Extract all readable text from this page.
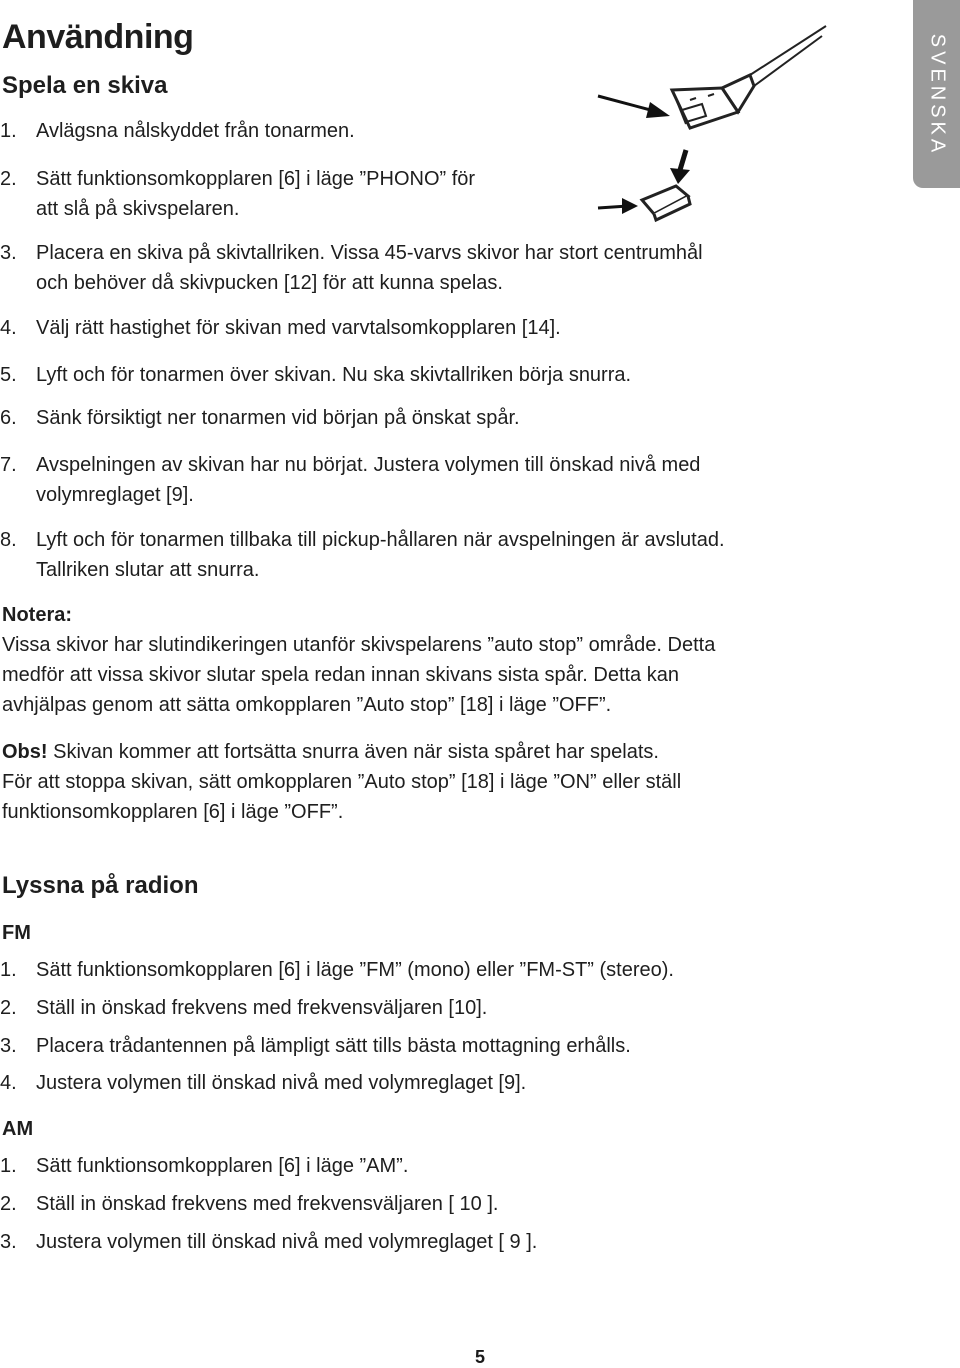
Användning	SVENSKA
Spela en skiva
1. Avlägsna nålskyddet från tonarmen.
2. Sätt funktionsomkopplaren [6] i läge ”PHONO” för
att slå på skivspelaren.
3. Placera en skiva på skivtallriken. Vissa 45-varvs skivor har stort centrumhål
och behöver då skivpucken [12] för att kunna spelas.
4. Välj rätt hastighet för skivan med varvtalsomkopplaren [14].
5. Lyft och för tonarmen över skivan. Nu ska skivtallriken börja snurra.
6. Sänk försiktigt ner tonarmen vid början på önskat spår.
7. Avspelningen av skivan har nu börjat. Justera volymen till önskad nivå med
volymreglaget [9].
8. Lyft och för tonarmen tillbaka till pickup-hållaren när avspelningen är avslutad.
Tallriken slutar att snurra.
Notera:
Vissa skivor har slutindikeringen utanför skivspelarens ”auto stop” område. Detta
medför att vissa skivor slutar spela redan innan skivans sista spår. Detta kan
avhjälpas genom att sätta omkopplaren ”Auto stop” [18] i läge ”OFF”.
Obs! Skivan kommer att fortsätta snurra även när sista spåret har spelats.
För att stoppa skivan, sätt omkopplaren ”Auto stop” [18] i läge ”ON” eller ställ
funktionsomkopplaren [6] i läge ”OFF”.
Lyssna på radion
FM
1. Sätt funktionsomkopplaren [6] i läge ”FM” (mono) eller ”FM-ST” (stereo).
2. Ställ in önskad frekvens med frekvensväljaren [10].
3. Placera trådantennen på lämpligt sätt tills bästa mottagning erhålls.
4. Justera volymen till önskad nivå med volymreglaget [9].
AM
1. Sätt funktionsomkopplaren [6] i läge ”AM”.
2. Ställ in önskad frekvens med frekvensväljaren [ 10 ].
3. Justera volymen till önskad nivå med volymreglaget [ 9 ].
5
